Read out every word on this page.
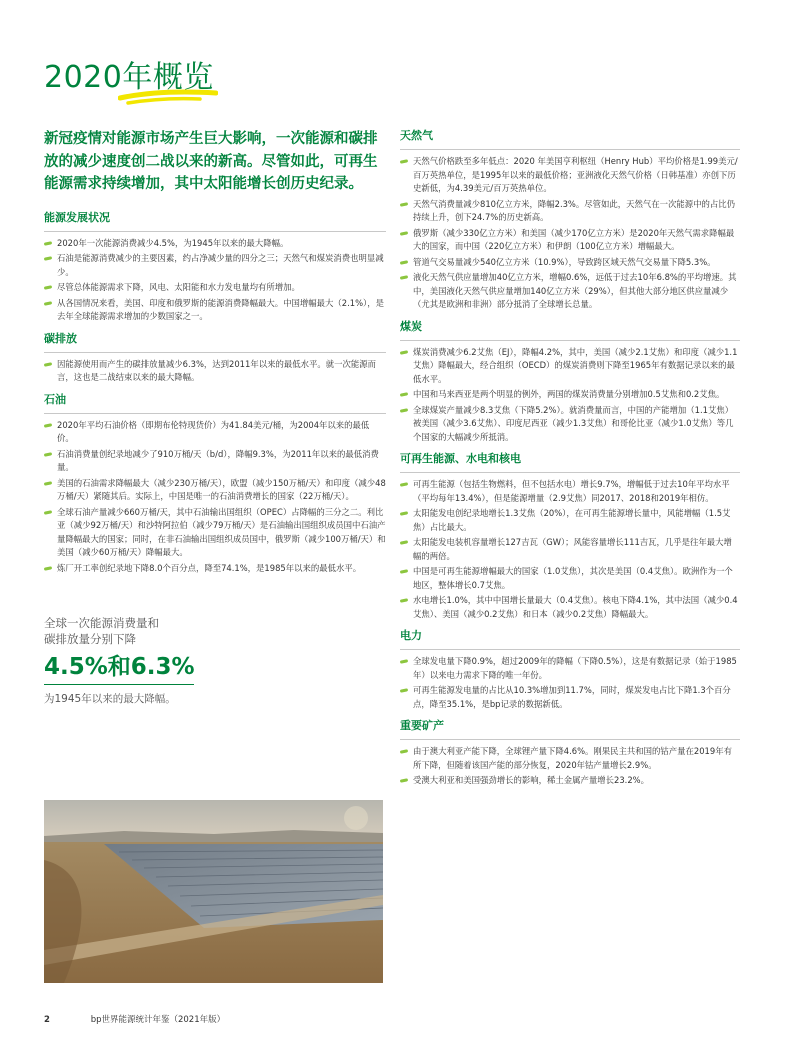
2020年概览

新冠疫情对能源市场产生巨大影响，一次能源和碳排放的减少速度创二战以来的新高。尽管如此，可再生能源需求持续增加，其中太阳能增长创历史纪录。

能源发展状况
2020年一次能源消费减少4.5%，为1945年以来的最大降幅。
石油是能源消费减少的主要因素，约占净减少量的四分之三；天然气和煤炭消费也明显减少。
尽管总体能源需求下降，风电、太阳能和水力发电量均有所增加。
从各国情况来看，美国、印度和俄罗斯的能源消费降幅最大。中国增幅最大（2.1%），是去年全球能源需求增加的少数国家之一。
碳排放
因能源使用而产生的碳排放量减少6.3%，达到2011年以来的最低水平。就一次能源而言，这也是二战结束以来的最大降幅。
石油
2020年平均石油价格（即期布伦特现货价）为41.84美元/桶，为2004年以来的最低价。
石油消费量创纪录地减少了910万桶/天（b/d），降幅9.3%，为2011年以来的最低消费量。
美国的石油需求降幅最大（减少230万桶/天），欧盟（减少150万桶/天）和印度（减少48万桶/天）紧随其后。实际上，中国是唯一的石油消费增长的国家（22万桶/天）。
全球石油产量减少660万桶/天，其中石油输出国组织（OPEC）占降幅的三分之二。利比亚（减少92万桶/天）和沙特阿拉伯（减少79万桶/天）是石油输出国组织成员国中石油产量降幅最大的国家；同时，在非石油输出国组织成员国中，俄罗斯（减少100万桶/天）和美国（减少60万桶/天）降幅最大。
炼厂开工率创纪录地下降8.0个百分点，降至74.1%，是1985年以来的最低水平。
全球一次能源消费量和
碳排放量分别下降
4.5%和6.3%
为1945年以来的最大降幅。
天然气
天然气价格跌至多年低点：2020 年美国亨利枢纽（Henry Hub）平均价格是1.99美元/百万英热单位，是1995年以来的最低价格；亚洲液化天然气价格（日韩基准）亦创下历史新低，为4.39美元/百万英热单位。
天然气消费量减少810亿立方米，降幅2.3%。尽管如此，天然气在一次能源中的占比仍持续上升，创下24.7%的历史新高。
俄罗斯（减少330亿立方米）和美国（减少170亿立方米）是2020年天然气需求降幅最大的国家，而中国（220亿立方米）和伊朗（100亿立方米）增幅最大。
管道气交易量减少540亿立方米（10.9%），导致跨区域天然气交易量下降5.3%。
液化天然气供应量增加40亿立方米，增幅0.6%，远低于过去10年6.8%的平均增速。其中，美国液化天然气供应量增加140亿立方米（29%），但其他大部分地区供应量减少（尤其是欧洲和非洲）部分抵消了全球增长总量。
煤炭
煤炭消费减少6.2艾焦（EJ），降幅4.2%，其中，美国（减少2.1艾焦）和印度（减少1.1艾焦）降幅最大，经合组织（OECD）的煤炭消费则下降至1965年有数据记录以来的最低水平。
中国和马来西亚是两个明显的例外，两国的煤炭消费量分别增加0.5艾焦和0.2艾焦。
全球煤炭产量减少8.3艾焦（下降5.2%）。就消费量而言，中国的产能增加（1.1艾焦）被美国（减少3.6艾焦）、印度尼西亚（减少1.3艾焦）和哥伦比亚（减少1.0艾焦）等几个国家的大幅减少所抵消。
可再生能源、水电和核电
可再生能源（包括生物燃料，但不包括水电）增长9.7%，增幅低于过去10年平均水平（平均每年13.4%），但是能源增量（2.9艾焦）同2017、2018和2019年相仿。
太阳能发电创纪录地增长1.3艾焦（20%），在可再生能源增长量中，风能增幅（1.5艾焦）占比最大。
太阳能发电装机容量增长127吉瓦（GW）；风能容量增长111吉瓦，几乎是往年最大增幅的两倍。
中国是可再生能源增幅最大的国家（1.0艾焦），其次是美国（0.4艾焦）。欧洲作为一个地区，整体增长0.7艾焦。
水电增长1.0%，其中中国增长量最大（0.4艾焦）。核电下降4.1%，其中法国（减少0.4艾焦）、美国（减少0.2艾焦）和日本（减少0.2艾焦）降幅最大。
电力
全球发电量下降0.9%，超过2009年的降幅（下降0.5%），这是有数据记录（始于1985年）以来电力需求下降的唯一年份。
可再生能源发电量的占比从10.3%增加到11.7%，同时，煤炭发电占比下降1.3个百分点，降至35.1%，是bp记录的数据新低。
重要矿产
由于澳大利亚产能下降，全球锂产量下降4.6%。刚果民主共和国的钴产量在2019年有所下降，但随着该国产能的部分恢复，2020年钴产量增长2.9%。
受澳大利亚和美国强劲增长的影响，稀土金属产量增长23.2%。
2	bp世界能源统计年鉴（2021年版）
